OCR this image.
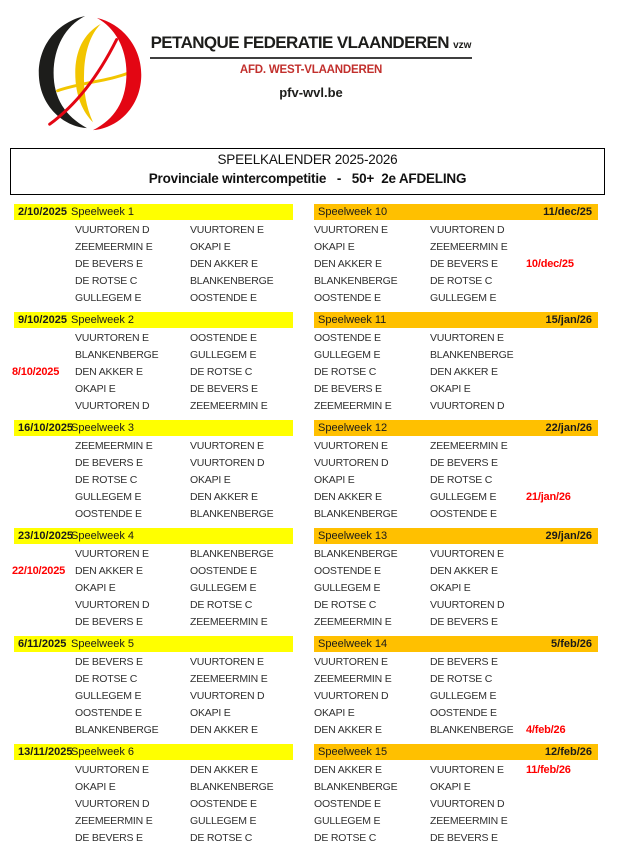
PETANQUE FEDERATIE VLAANDEREN vzw
AFD. WEST-VLAANDEREN
pfv-wvl.be
SPEELKALENDER 2025-2026
Provinciale wintercompetitie   -   50+  2e AFDELING
2/10/2025 Speelweek 1
VUURTOREN D	VUURTOREN E
ZEEMEERMIN E	OKAPI E
DE BEVERS E	DEN AKKER E
DE ROTSE C	BLANKENBERGE
GULLEGEM E	OOSTENDE E
9/10/2025 Speelweek 2
VUURTOREN E	OOSTENDE E
BLANKENBERGE	GULLEGEM E
8/10/2025	DEN AKKER E	DE ROTSE C
OKAPI E	DE BEVERS E
VUURTOREN D	ZEEMEERMIN E
16/10/2025
Speelweek 3
ZEEMEERMIN E	VUURTOREN E
DE BEVERS E	VUURTOREN D
DE ROTSE C	OKAPI E
GULLEGEM E	DEN AKKER E
OOSTENDE E	BLANKENBERGE
23/10/2025
Speelweek 4
VUURTOREN E	BLANKENBERGE
22/10/2025 DEN AKKER E	OOSTENDE E
OKAPI E	GULLEGEM E
VUURTOREN D	DE ROTSE C
DE BEVERS E	ZEEMEERMIN E
6/11/2025 Speelweek 5
DE BEVERS E	VUURTOREN E
DE ROTSE C	ZEEMEERMIN E
GULLEGEM E	VUURTOREN D
OOSTENDE E	OKAPI E
BLANKENBERGE	DEN AKKER E
13/11/2025
Speelweek 6
VUURTOREN E	DEN AKKER E
OKAPI E	BLANKENBERGE
VUURTOREN D	OOSTENDE E
ZEEMEERMIN E	GULLEGEM E
DE BEVERS E	DE ROTSE C
11/dec/25
Speelweek 10
VUURTOREN E	VUURTOREN D
OKAPI E	ZEEMEERMIN E
DEN AKKER E	DE BEVERS E	10/dec/25
BLANKENBERGE	DE ROTSE C
OOSTENDE E	GULLEGEM E
15/jan/26
Speelweek 11
OOSTENDE E	VUURTOREN E
GULLEGEM E	BLANKENBERGE
DE ROTSE C	DEN AKKER E
DE BEVERS E	OKAPI E
ZEEMEERMIN E	VUURTOREN D
22/jan/26
Speelweek 12
VUURTOREN E	ZEEMEERMIN E
VUURTOREN D	DE BEVERS E
OKAPI E	DE ROTSE C
DEN AKKER E	GULLEGEM E	21/jan/26
BLANKENBERGE	OOSTENDE E
29/jan/26
Speelweek 13
BLANKENBERGE	VUURTOREN E
OOSTENDE E	DEN AKKER E
GULLEGEM E	OKAPI E
DE ROTSE C	VUURTOREN D
ZEEMEERMIN E	DE BEVERS E
5/feb/26
Speelweek 14
VUURTOREN E	DE BEVERS E
ZEEMEERMIN E	DE ROTSE C
VUURTOREN D	GULLEGEM E
OKAPI E	OOSTENDE E
DEN AKKER E	BLANKENBERGE	4/feb/26
12/feb/26
Speelweek 15
DEN AKKER E	VUURTOREN E	11/feb/26
BLANKENBERGE	OKAPI E
OOSTENDE E	VUURTOREN D
GULLEGEM E	ZEEMEERMIN E
DE ROTSE C	DE BEVERS E
